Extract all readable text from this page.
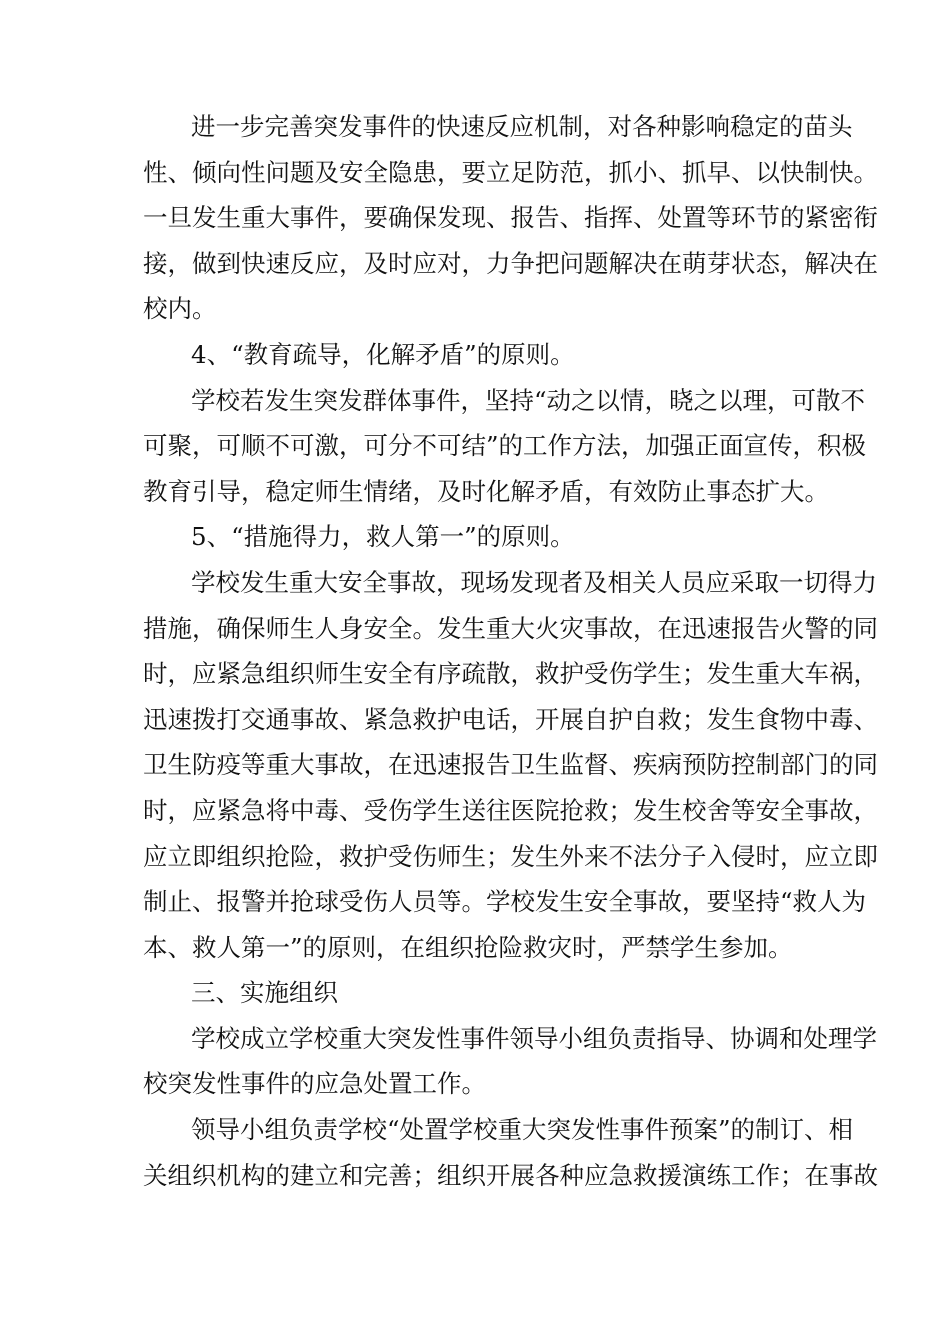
进一步完善突发事件的快速反应机制，对各种影响稳定的苗头
性、倾向性问题及安全隐患，要立足防范，抓小、抓早、以快制快。
一旦发生重大事件，要确保发现、报告、指挥、处置等环节的紧密衔
接，做到快速反应，及时应对，力争把问题解决在萌芽状态，解决在
校内。
4、“教育疏导，化解矛盾”的原则。
学校若发生突发群体事件，坚持“动之以情，晓之以理，可散不
可聚，可顺不可激，可分不可结”的工作方法，加强正面宣传，积极
教育引导，稳定师生情绪，及时化解矛盾，有效防止事态扩大。
5、“措施得力，救人第一”的原则。
学校发生重大安全事故，现场发现者及相关人员应采取一切得力
措施，确保师生人身安全。发生重大火灾事故，在迅速报告火警的同
时，应紧急组织师生安全有序疏散，救护受伤学生；发生重大车祸，
迅速拨打交通事故、紧急救护电话，开展自护自救；发生食物中毒、
卫生防疫等重大事故，在迅速报告卫生监督、疾病预防控制部门的同
时，应紧急将中毒、受伤学生送往医院抢救；发生校舍等安全事故，
应立即组织抢险，救护受伤师生；发生外来不法分子入侵时，应立即
制止、报警并抢球受伤人员等。学校发生安全事故，要坚持“救人为
本、救人第一”的原则，在组织抢险救灾时，严禁学生参加。
三、实施组织
学校成立学校重大突发性事件领导小组负责指导、协调和处理学
校突发性事件的应急处置工作。
领导小组负责学校“处置学校重大突发性事件预案”的制订、相
关组织机构的建立和完善；组织开展各种应急救援演练工作；在事故
